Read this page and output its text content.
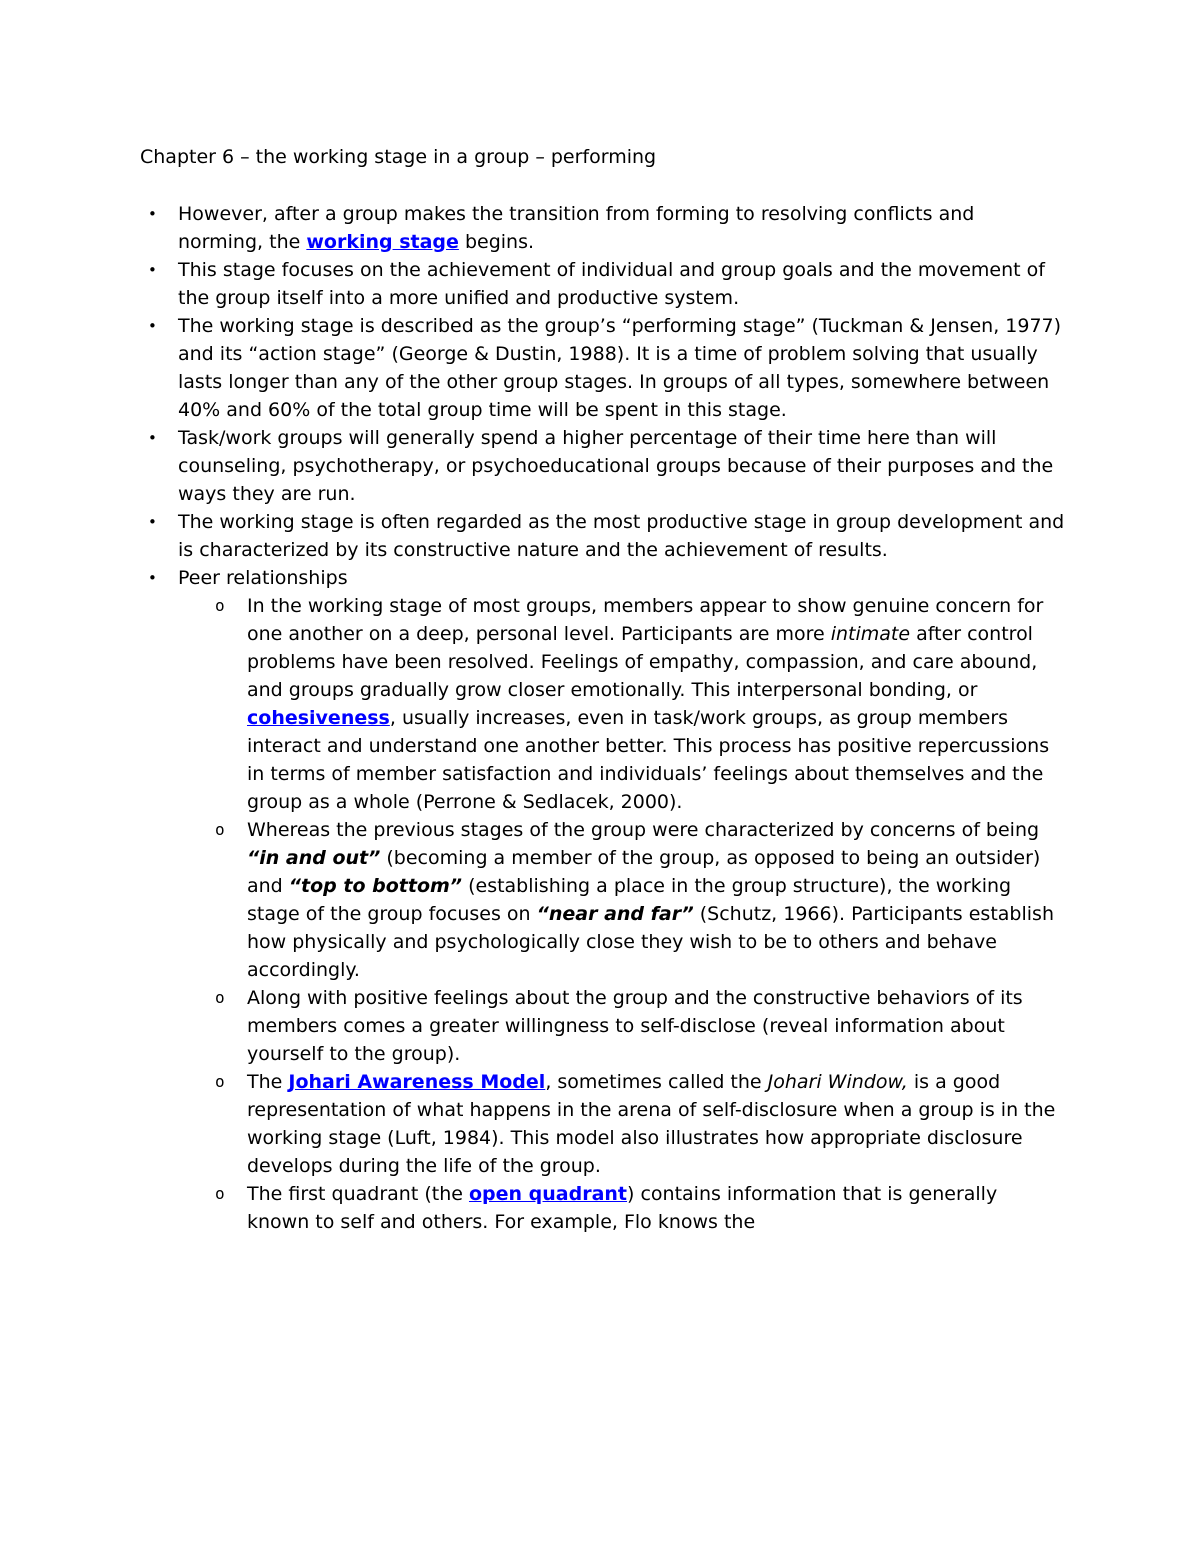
Chapter 6 – the working stage in a group – performing
• However, after a group makes the transition from forming to resolving conflicts and norming, the working stage begins.
• This stage focuses on the achievement of individual and group goals and the movement of the group itself into a more unified and productive system.
• The working stage is described as the group’s “performing stage” (Tuckman & Jensen, 1977) and its “action stage” (George & Dustin, 1988). It is a time of problem solving that usually lasts longer than any of the other group stages. In groups of all types, somewhere between 40% and 60% of the total group time will be spent in this stage.
• Task/work groups will generally spend a higher percentage of their time here than will counseling, psychotherapy, or psychoeducational groups because of their purposes and the ways they are run.
• The working stage is often regarded as the most productive stage in group development and is characterized by its constructive nature and the achievement of results.
• Peer relationships
o In the working stage of most groups, members appear to show genuine concern for one another on a deep, personal level. Participants are more intimate after control problems have been resolved. Feelings of empathy, compassion, and care abound, and groups gradually grow closer emotionally. This interpersonal bonding, or cohesiveness, usually increases, even in task/work groups, as group members interact and understand one another better. This process has positive repercussions in terms of member satisfaction and individuals’ feelings about themselves and the group as a whole (Perrone & Sedlacek, 2000).
o Whereas the previous stages of the group were characterized by concerns of being “in and out” (becoming a member of the group, as opposed to being an outsider) and “top to bottom” (establishing a place in the group structure), the working stage of the group focuses on “near and far” (Schutz, 1966). Participants establish how physically and psychologically close they wish to be to others and behave accordingly.
o Along with positive feelings about the group and the constructive behaviors of its members comes a greater willingness to self-disclose (reveal information about yourself to the group).
o The Johari Awareness Model, sometimes called the Johari Window, is a good representation of what happens in the arena of self-disclosure when a group is in the working stage (Luft, 1984). This model also illustrates how appropriate disclosure develops during the life of the group.
o The first quadrant (the open quadrant) contains information that is generally known to self and others. For example, Flo knows the
